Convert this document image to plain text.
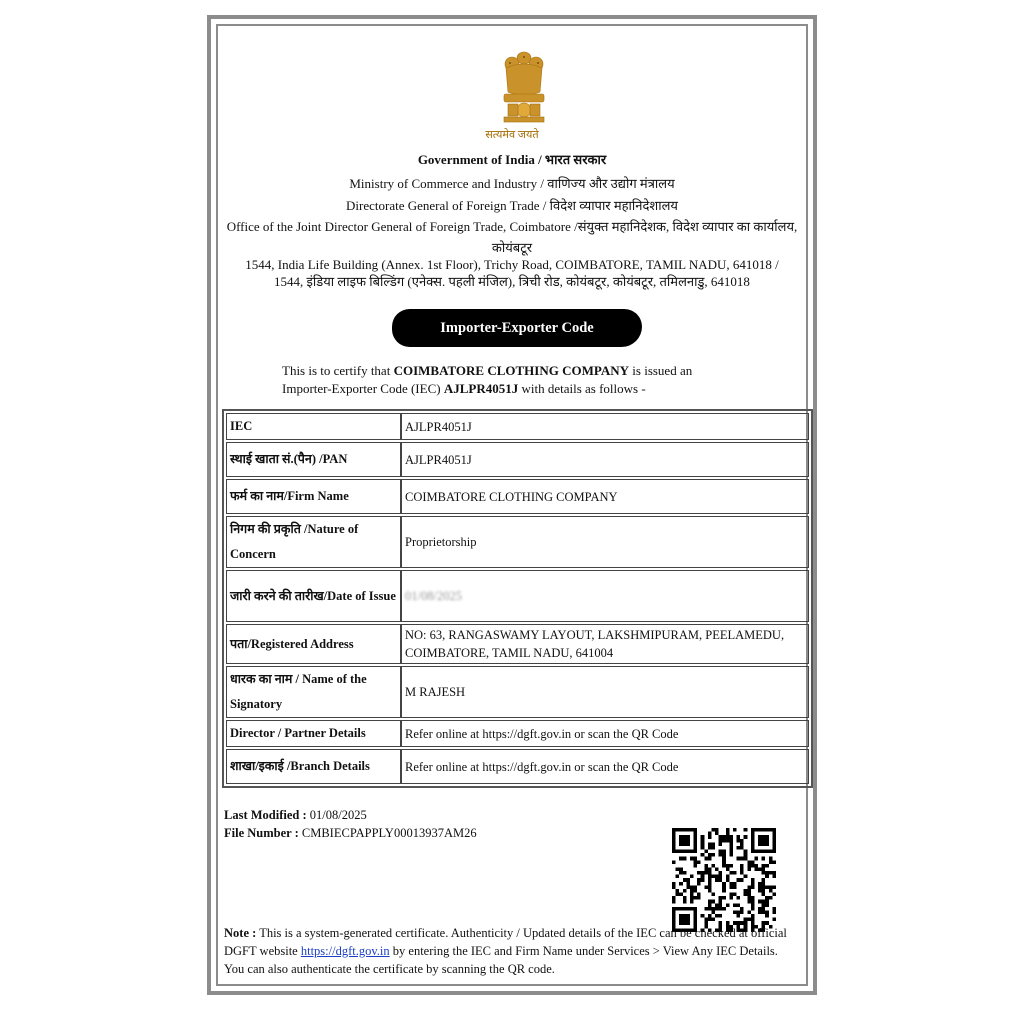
सत्यमेव जयते
Government of India / भारत सरकार
Ministry of Commerce and Industry / वाणिज्य और उद्योग मंत्रालय
Directorate General of Foreign Trade / विदेश व्यापार महानिदेशालय
Office of the Joint Director General of Foreign Trade, Coimbatore /संयुक्त महानिदेशक, विदेश व्यापार का कार्यालय,
कोयंबटूर
1544, India Life Building (Annex. 1st Floor), Trichy Road, COIMBATORE, TAMIL NADU, 641018 /
1544, इंडिया लाइफ बिल्डिंग (एनेक्स. पहली मंजिल), त्रिची रोड, कोयंबटूर, कोयंबटूर, तमिलनाडु, 641018
Importer-Exporter Code
This is to certify that COIMBATORE CLOTHING COMPANY is issued an
Importer-Exporter Code (IEC) AJLPR4051J with details as follows -
IEC	AJLPR4051J
स्थाई खाता सं.(पैन) /PAN	AJLPR4051J
फर्म का नाम/Firm Name	COIMBATORE CLOTHING COMPANY
निगम की प्रकृति /Nature of Concern	Proprietorship
जारी करने की तारीख/Date of Issue	01/08/2025
पता/Registered Address	NO: 63, RANGASWAMY LAYOUT, LAKSHMIPURAM, PEELAMEDU, COIMBATORE, TAMIL NADU, 641004
धारक का नाम / Name of the Signatory	M RAJESH
Director / Partner Details	Refer online at https://dgft.gov.in or scan the QR Code
शाखा/इकाई /Branch Details	Refer online at https://dgft.gov.in or scan the QR Code
Last Modified : 01/08/2025
File Number : CMBIECPAPPLY00013937AM26
Note : This is a system-generated certificate. Authenticity / Updated details of the IEC can be checked at official DGFT website https://dgft.gov.in by entering the IEC and Firm Name under Services > View Any IEC Details. You can also authenticate the certificate by scanning the QR code.
